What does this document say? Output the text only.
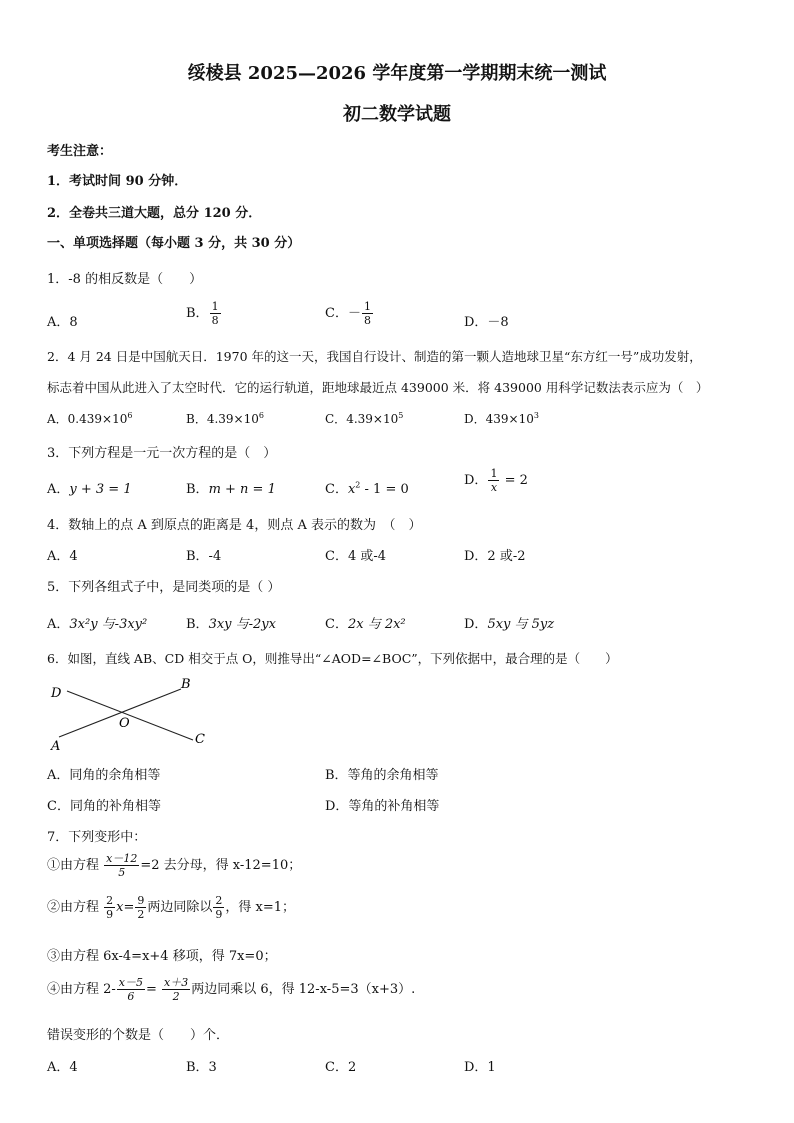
绥棱县 2025—2026 学年度第一学期期末统一测试
初二数学试题
考生注意：
1．考试时间 90 分钟．
2．全卷共三道大题，总分 120 分．
一、单项选择题（每小题 3 分，共 30 分）
1．-8 的相反数是（　　）
A．8
B． $\frac{1}{8}$	C．－ $\frac{1}{8}$	D．－8
2．4 月 24 日是中国航天日．1970 年的这一天，我国自行设计、制造的第一颗人造地球卫星“东方红一号”成功发射，
标志着中国从此进入了太空时代．它的运行轨道，距地球最近点 439000 米．将 439000 用科学记数法表示应为（　）
A．$0.439\times 10^6$	B．$4.39\times 10^6$	C．$4.39\times 10^5$	D．$439\times 10^3$
3．下列方程是一元一次方程的是（　）
A．y + 3 = 1	B．m + n = 1	C．$x^2 - 1 = 0$
D． $\frac{1}{x} = 2$
4．数轴上的点 A 到原点的距离是 4，则点 A 表示的数为　（　）
A．4	B．-4	C．4 或-4	D．2 或-2
5．下列各组式子中，是同类项的是（ ）
A．3x²y 与-3xy²	B．3xy 与-2yx	C．2x 与 2x²	D．5xy 与 5yz
6．如图，直线 AB、CD 相交于点 O，则推导出“∠AOD=∠BOC”，下列依据中，最合理的是（　　）
D
B
O
A	C
A．同角的余角相等	B．等角的余角相等
C．同角的补角相等	D．等角的补角相等
7．下列变形中：
①由方程 $\frac{x-12}{5} =2$ 去分母，得 x-12=10；
②由方程 $\frac{2}{9} x= \frac{9}{2}$ 两边同除以 $\frac{2}{9}$ ，得 x=1；
③由方程 6x-4=x+4 移项，得 7x=0；
④由方程 $2- \frac{x-5}{6} = \frac{x+3}{2}$ 两边同乘以 6，得 12-x-5=3（x+3）.
错误变形的个数是（　　）个．
A．4	B．3	C．2	D．1
